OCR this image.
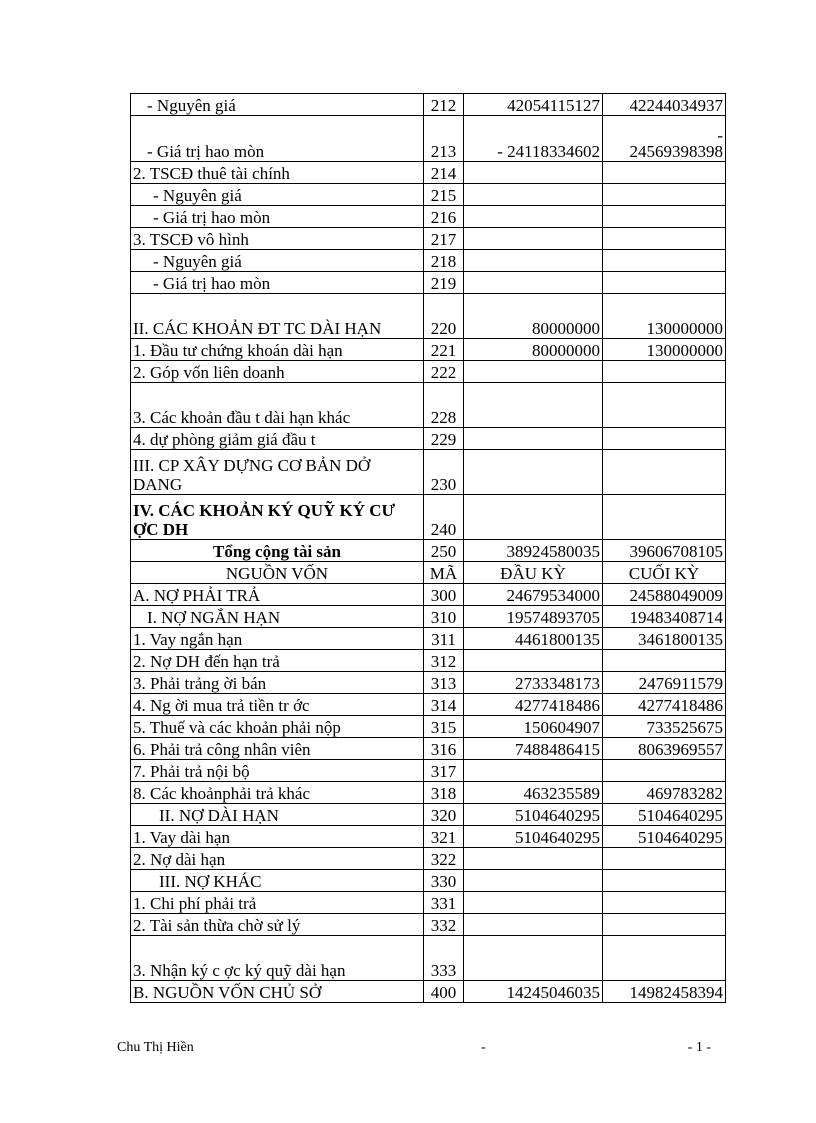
- Nguyên giá	212	42054115127	42244034937
- Giá trị hao mòn	213	- 24118334602	-
24569398398
2. TSCĐ thuê tài chính	214		
- Nguyên giá	215		
- Giá trị hao mòn	216		
3. TSCĐ vô hình	217		
- Nguyên giá	218		
- Giá trị hao mòn	219		
II. CÁC KHOẢN ĐT TC DÀI HẠN	220	80000000	130000000
1. Đầu tư chứng khoán dài hạn	221	80000000	130000000
2. Góp vốn liên doanh	222		
3. Các khoản đầu t dài hạn khác	228		
4. dự phòng giảm giá đầu t	229		
III. CP XÂY DỰNG CƠ BẢN DỞ DANG	230		
IV. CÁC KHOẢN KÝ QUỸ KÝ CƯ ỢC DH	240		
Tổng cộng tài sản	250	38924580035	39606708105
NGUỒN VỐN	MÃ	ĐẦU KỲ	CUỐI KỲ
A. NỢ PHẢI TRẢ	300	24679534000	24588049009
I. NỢ NGẮN HẠN	310	19574893705	19483408714
1. Vay ngắn hạn	311	4461800135	3461800135
2. Nợ DH đến hạn trả	312		
3. Phải trảng ời bán	313	2733348173	2476911579
4. Ng ời mua trả tiền tr ớc	314	4277418486	4277418486
5. Thuế và các khoản phải nộp	315	150604907	733525675
6. Phải trả công nhân viên	316	7488486415	8063969557
7. Phải trả nội bộ	317		
8. Các khoảnphải trả khác	318	463235589	469783282
II. NỢ DÀI HẠN	320	5104640295	5104640295
1. Vay dài hạn	321	5104640295	5104640295
2. Nợ dài hạn	322		
III. NỢ KHÁC	330		
1. Chi phí phải trả	331		
2. Tài sản thừa chờ sử lý	332		
3. Nhận ký c ợc ký quỹ dài hạn	333		
B. NGUỒN VỐN CHỦ SỞ	400	14245046035	14982458394
Chu Thị Hiền	-	- 1 -
